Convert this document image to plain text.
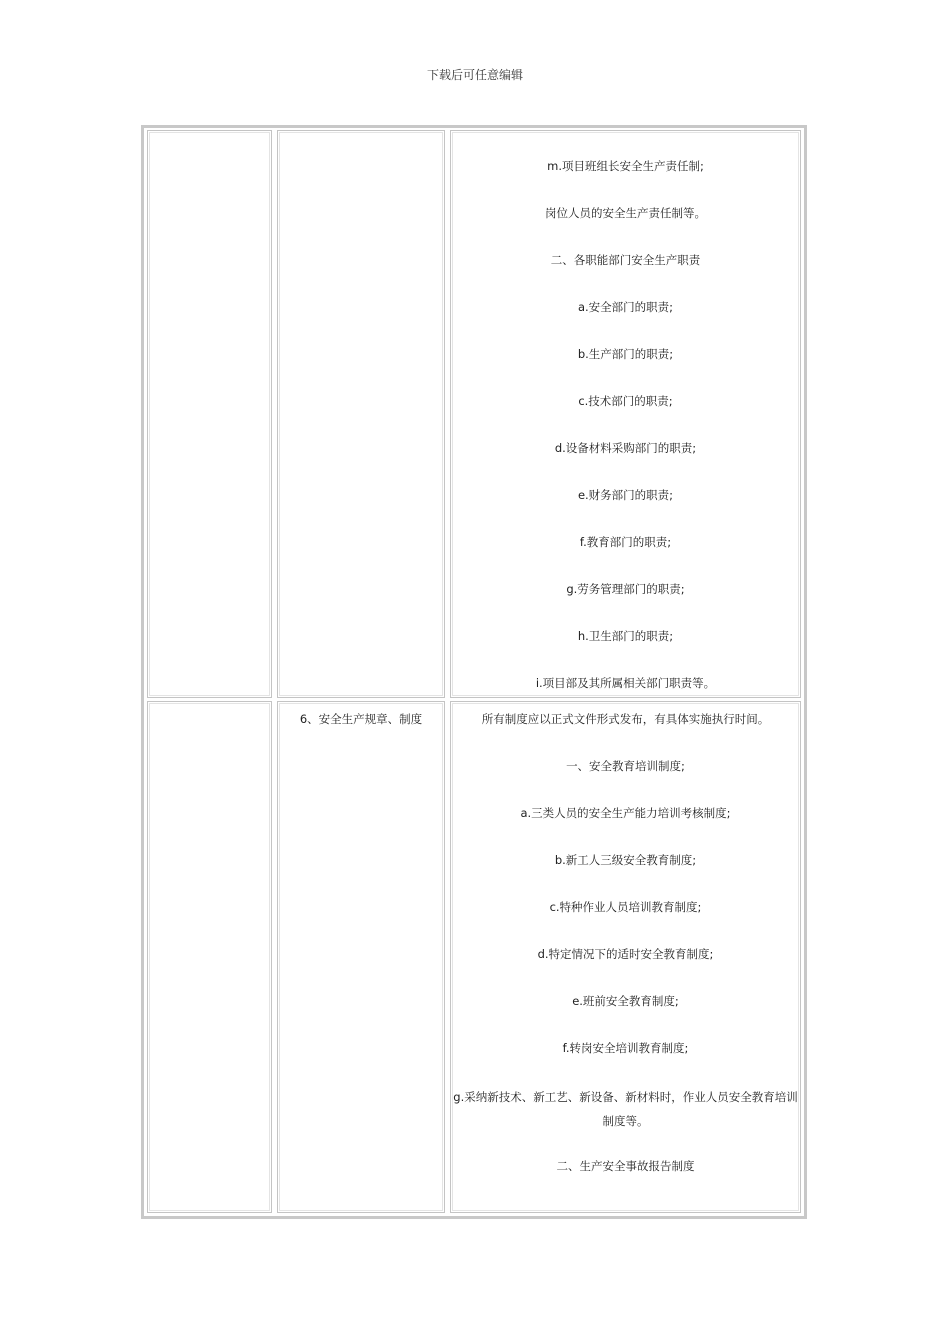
下载后可任意编辑
m.项目班组长安全生产责任制;
岗位人员的安全生产责任制等。
二、各职能部门安全生产职责
a.安全部门的职责;
b.生产部门的职责;
c.技术部门的职责;
d.设备材料采购部门的职责;
e.财务部门的职责;
f.教育部门的职责;
g.劳务管理部门的职责;
h.卫生部门的职责;
i.项目部及其所属相关部门职责等。
6、安全生产规章、制度	所有制度应以正式文件形式发布，有具体实施执行时间。
一、安全教育培训制度;
a.三类人员的安全生产能力培训考核制度;
b.新工人三级安全教育制度;
c.特种作业人员培训教育制度;
d.特定情况下的适时安全教育制度;
e.班前安全教育制度;
f.转岗安全培训教育制度;
g.采纳新技术、新工艺、新设备、新材料时，作业人员安全教育培训制度等。
二、生产安全事故报告制度
